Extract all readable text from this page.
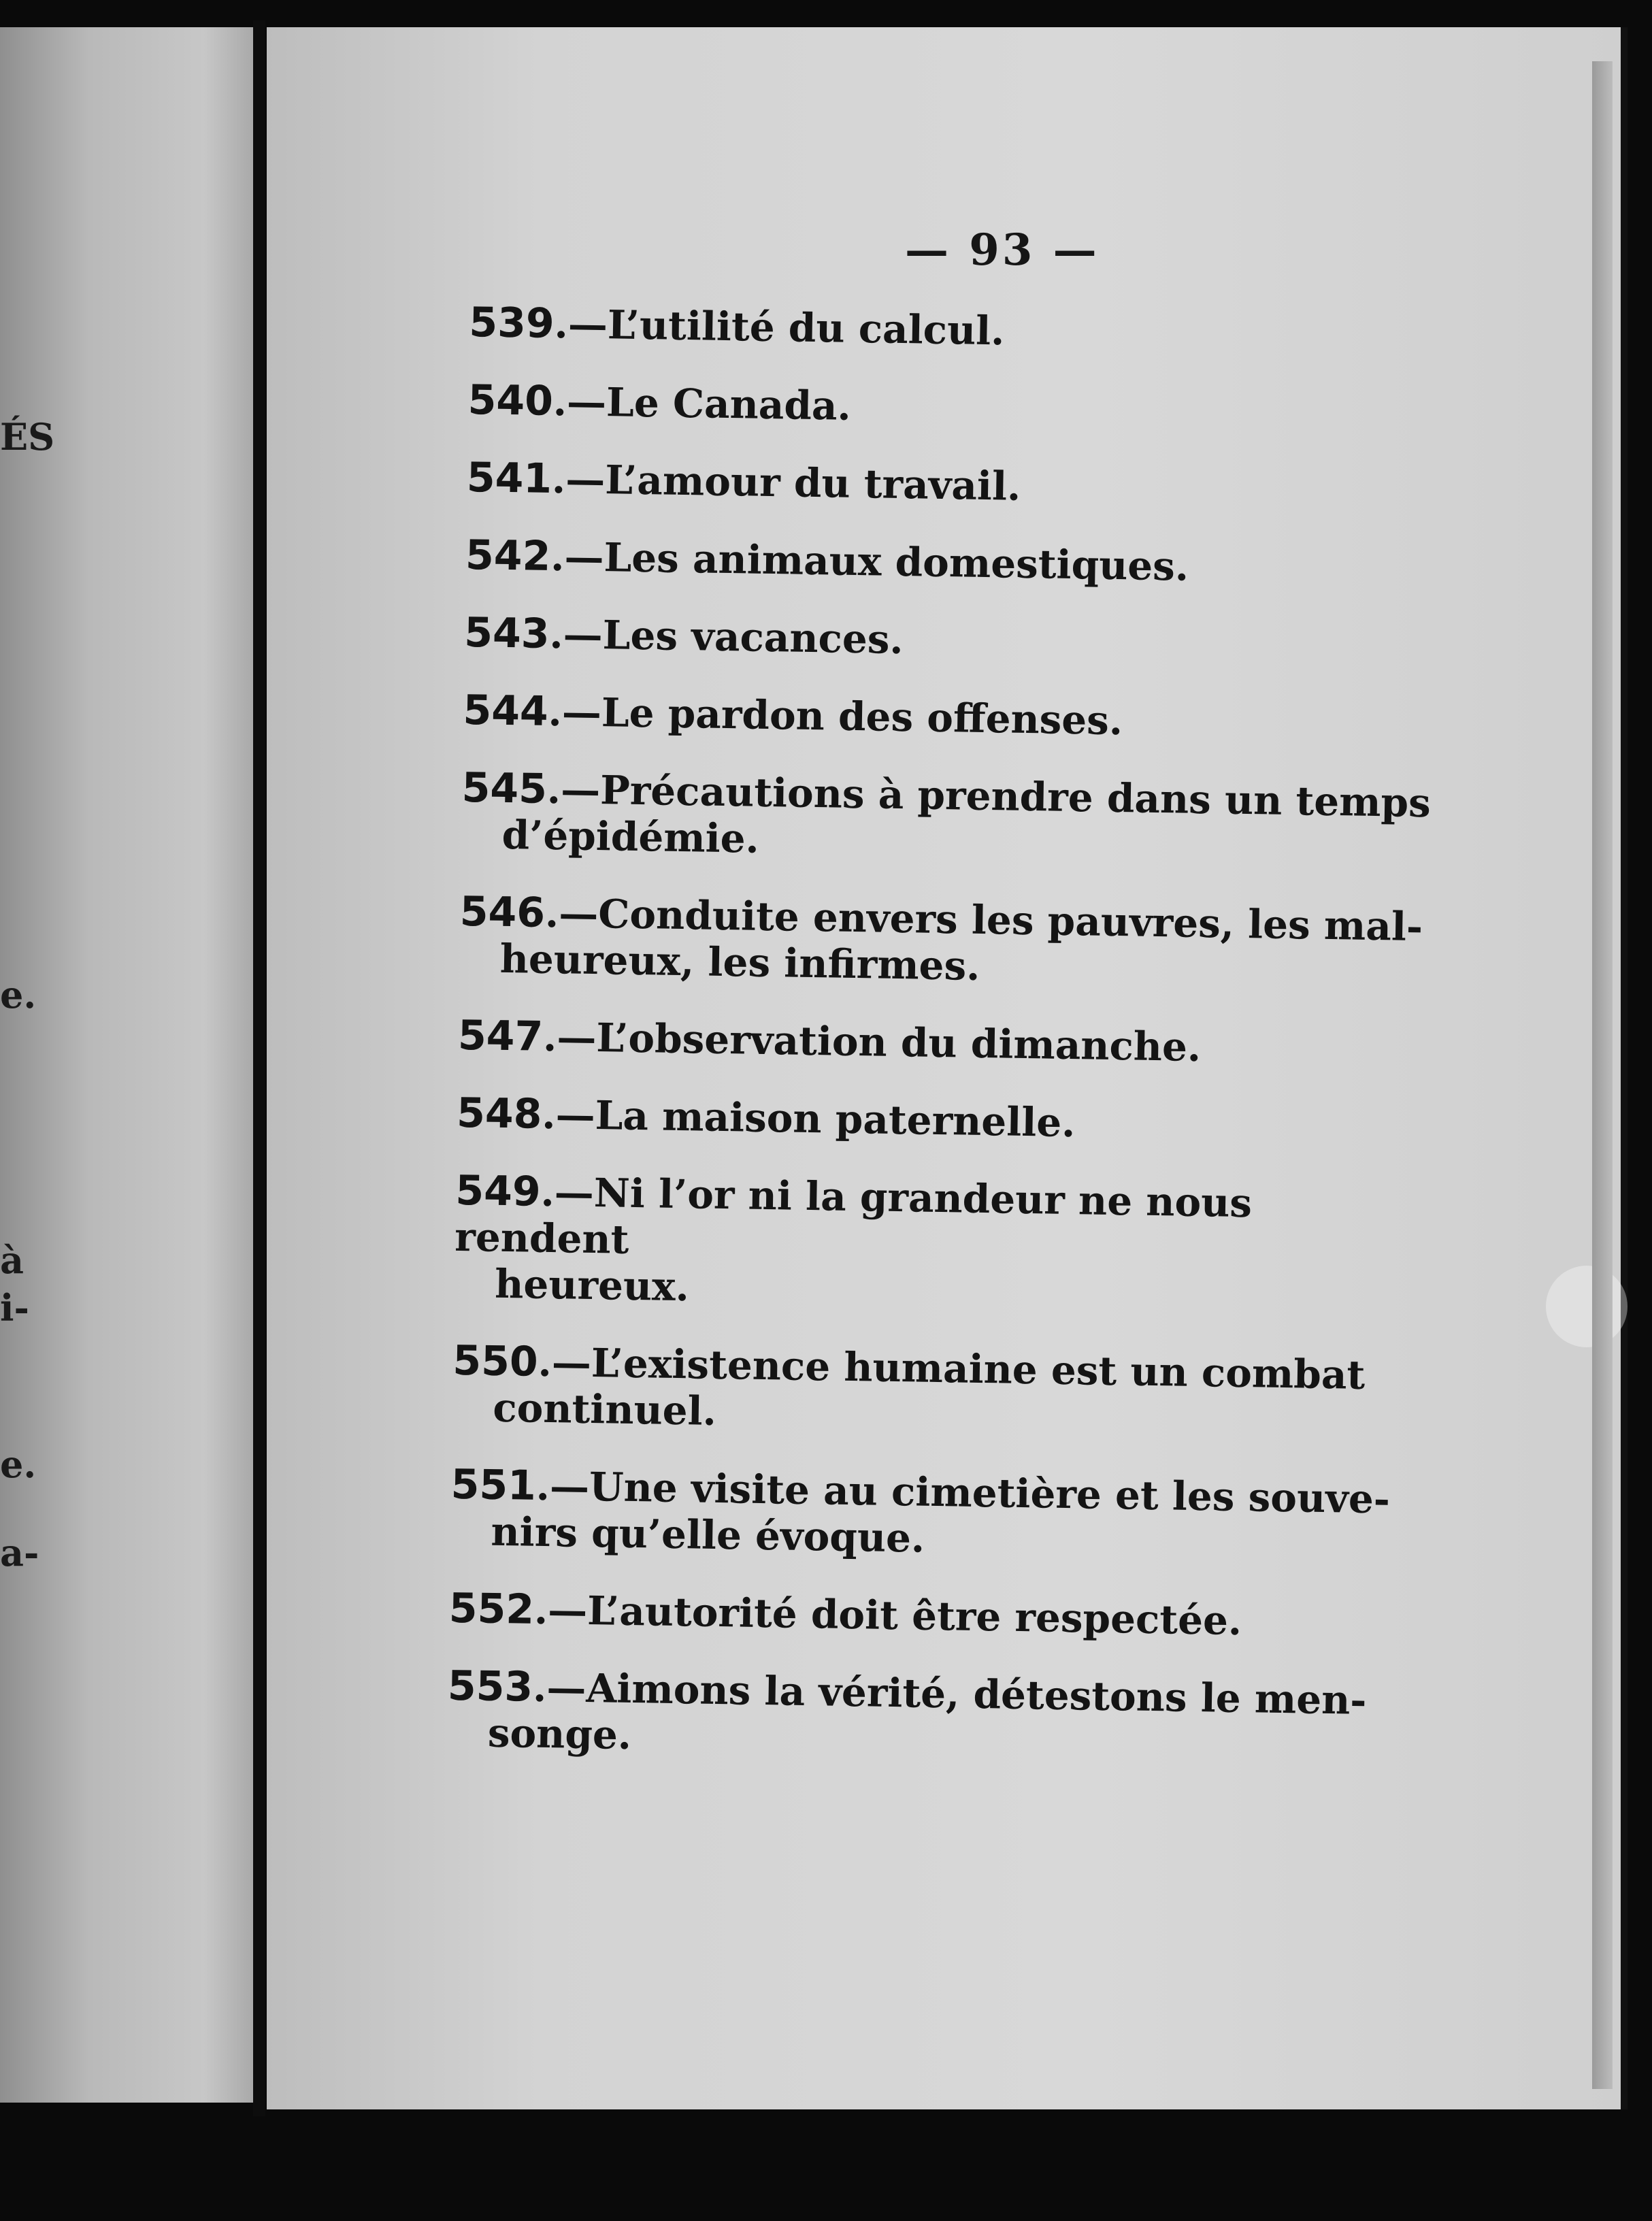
ÉS
e.
à
i-
e.
a-
— 93 —
539.—L’utilité du calcul.
540.—Le Canada.
541.—L’amour du travail.
542.—Les animaux domestiques.
543.—Les vacances.
544.—Le pardon des offenses.
545.—Précautions à prendre dans un temps
d’épidémie.
546.—Conduite envers les pauvres, les mal-
heureux, les infirmes.
547.—L’observation du dimanche.
548.—La maison paternelle.
549.—Ni l’or ni la grandeur ne nous rendent
heureux.
550.—L’existence humaine est un combat
continuel.
551.—Une visite au cimetière et les souve-
nirs qu’elle évoque.
552.—L’autorité doit être respectée.
553.—Aimons la vérité, détestons le men-
songe.
